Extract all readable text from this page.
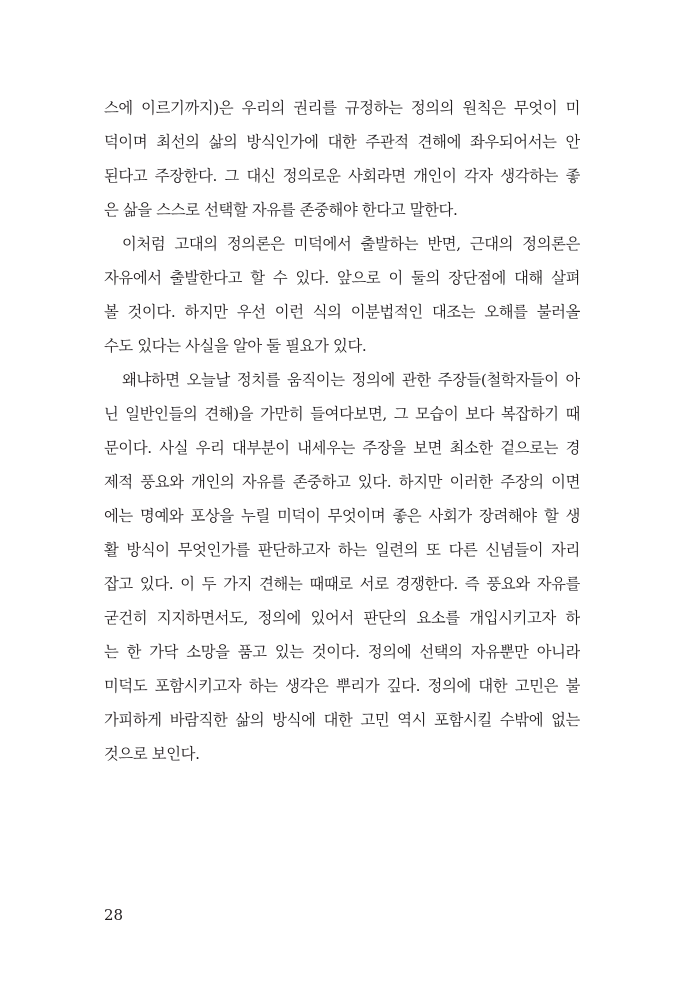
스에 이르기까지)은 우리의 권리를 규정하는 정의의 원칙은 무엇이 미
덕이며 최선의 삶의 방식인가에 대한 주관적 견해에 좌우되어서는 안
된다고 주장한다. 그 대신 정의로운 사회라면 개인이 각자 생각하는 좋
은 삶을 스스로 선택할 자유를 존중해야 한다고 말한다.
이처럼 고대의 정의론은 미덕에서 출발하는 반면, 근대의 정의론은
자유에서 출발한다고 할 수 있다. 앞으로 이 둘의 장단점에 대해 살펴
볼 것이다. 하지만 우선 이런 식의 이분법적인 대조는 오해를 불러올
수도 있다는 사실을 알아 둘 필요가 있다.
왜냐하면 오늘날 정치를 움직이는 정의에 관한 주장들(철학자들이 아
닌 일반인들의 견해)을 가만히 들여다보면, 그 모습이 보다 복잡하기 때
문이다. 사실 우리 대부분이 내세우는 주장을 보면 최소한 겉으로는 경
제적 풍요와 개인의 자유를 존중하고 있다. 하지만 이러한 주장의 이면
에는 명예와 포상을 누릴 미덕이 무엇이며 좋은 사회가 장려해야 할 생
활 방식이 무엇인가를 판단하고자 하는 일련의 또 다른 신념들이 자리
잡고 있다. 이 두 가지 견해는 때때로 서로 경쟁한다. 즉 풍요와 자유를
굳건히 지지하면서도, 정의에 있어서 판단의 요소를 개입시키고자 하
는 한 가닥 소망을 품고 있는 것이다. 정의에 선택의 자유뿐만 아니라
미덕도 포함시키고자 하는 생각은 뿌리가 깊다. 정의에 대한 고민은 불
가피하게 바람직한 삶의 방식에 대한 고민 역시 포함시킬 수밖에 없는
것으로 보인다.
28
